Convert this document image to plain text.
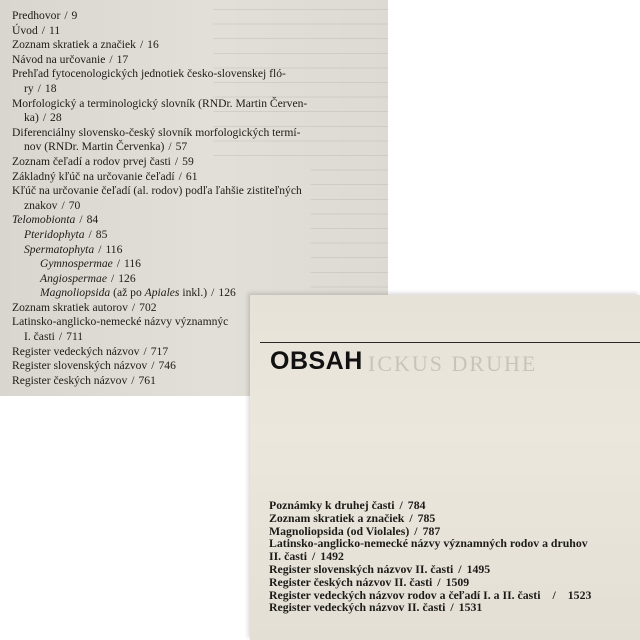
Predhovor / 9
Úvod / 11
Zoznam skratiek a značiek / 16
Návod na určovanie / 17
Prehľad fytocenologických jednotiek česko-slovenskej fló-
ry / 18
Morfologický a terminologický slovník (RNDr. Martin Červen-
ka) / 28
Diferenciálny slovensko-český slovník morfologických termí-
nov (RNDr. Martin Červenka) / 57
Zoznam čeľadí a rodov prvej časti / 59
Základný kľúč na určovanie čeľadí / 61
Kľúč na určovanie čeľadí (al. rodov) podľa ľahšie zistiteľných
znakov / 70
Telomobionta / 84
Pteridophyta / 85
Spermatophyta / 116
Gymnospermae / 116
Angiospermae / 126
Magnoliopsida (až po Apiales inkl.) / 126
Zoznam skratiek autorov / 702
Latinsko-anglicko-nemecké názvy významnýc
I. časti / 711
Register vedeckých názvov / 717
Register slovenských názvov / 746
Register českých názvov / 761
ICKUS DRUHE
OBSAH
Poznámky k druhej časti / 784
Zoznam skratiek a značiek / 785
Magnoliopsida (od Violales) / 787
Latinsko-anglicko-nemecké názvy významných rodov a druhov
II. časti / 1492
Register slovenských názvov II. časti / 1495
Register českých názvov II. časti / 1509
Register vedeckých názvov rodov a čeľadí I. a II. časti / 1523
Register vedeckých názvov II. časti / 1531
